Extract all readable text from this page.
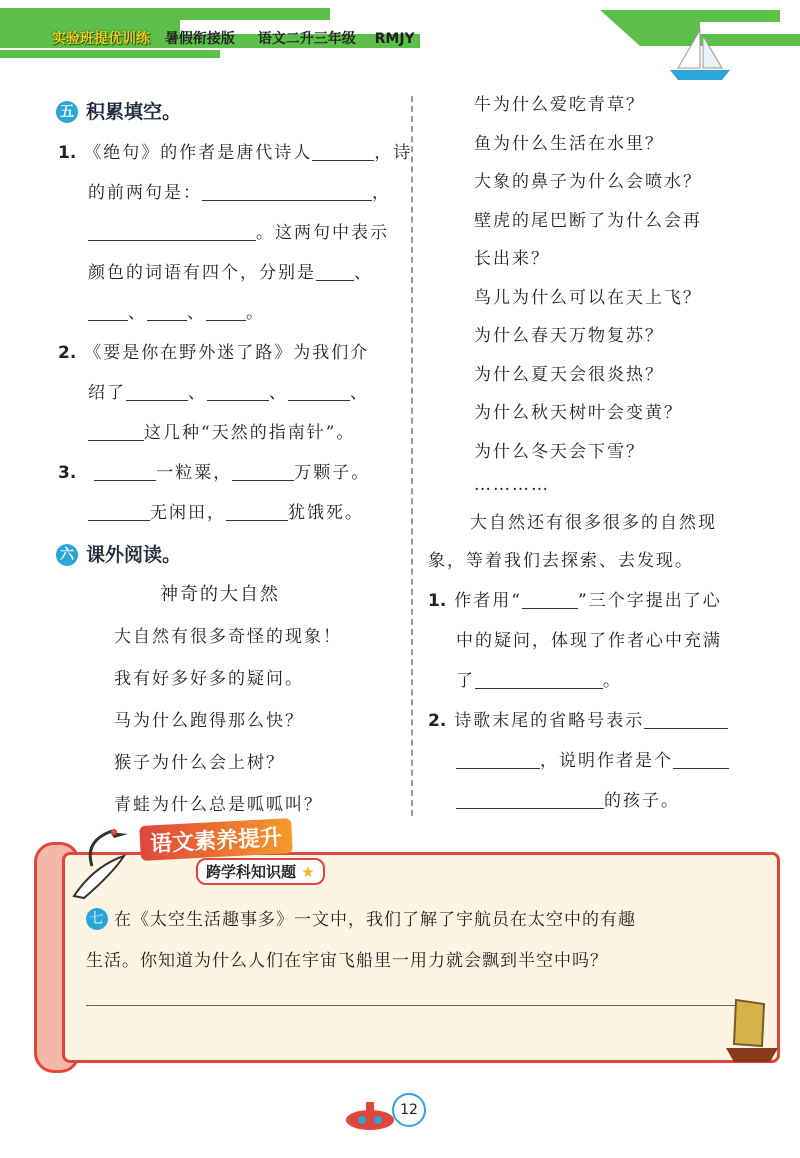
实验班提优训练 暑假衔接版 语文二升三年级 RMJY
五 积累填空。
1. 《绝句》的作者是唐代诗人	，诗
的前两句是：	，
。这两句中表示
颜色的词语有四个，分别是 、
、 、 。
2. 《要是你在野外迷了路》为我们介
绍了	、	、	、
这几种“天然的指南针”。
3.	一粒粟，	万颗子。
无闲田，	犹饿死。
六 课外阅读。
神奇的大自然
大自然有很多奇怪的现象！
我有好多好多的疑问。
马为什么跑得那么快？
猴子为什么会上树？
青蛙为什么总是呱呱叫？
牛为什么爱吃青草？
鱼为什么生活在水里？
大象的鼻子为什么会喷水？
壁虎的尾巴断了为什么会再
长出来？
鸟儿为什么可以在天上飞？
为什么春天万物复苏？
为什么夏天会很炎热？
为什么秋天树叶会变黄？
为什么冬天会下雪？
…………
大自然还有很多很多的自然现
象，等着我们去探索、去发现。
1. 作者用“	”三个字提出了心
中的疑问，体现了作者心中充满
了	。
2. 诗歌末尾的省略号表示
，说明作者是个
的孩子。
语文素养提升
跨学科知识题 ★
七 在《太空生活趣事多》一文中，我们了解了宇航员在太空中的有趣
生活。你知道为什么人们在宇宙飞船里一用力就会飘到半空中吗？
12
